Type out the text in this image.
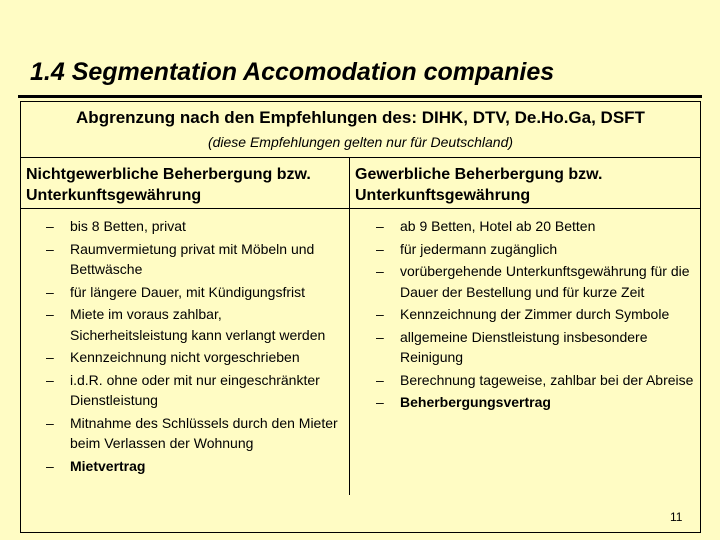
1.4 Segmentation Accomodation companies
Abgrenzung nach den Empfehlungen des: DIHK, DTV, De.Ho.Ga, DSFT
(diese Empfehlungen gelten nur für Deutschland)
Nichtgewerbliche Beherbergung bzw.
Unterkunftsgewährung
Gewerbliche Beherbergung bzw.
Unterkunftsgewährung
– bis 8 Betten, privat
– Raumvermietung privat mit Möbeln und Bettwäsche
– für längere Dauer, mit Kündigungsfrist
– Miete im voraus zahlbar, Sicherheitsleistung kann verlangt werden
– Kennzeichnung nicht vorgeschrieben
– i.d.R. ohne oder mit nur eingeschränkter Dienstleistung
– Mitnahme des Schlüssels durch den Mieter beim Verlassen der Wohnung
– Mietvertrag
– ab 9 Betten, Hotel ab 20 Betten
– für jedermann zugänglich
– vorübergehende Unterkunftsgewährung für die Dauer der Bestellung und für kurze Zeit
– Kennzeichnung der Zimmer durch Symbole
– allgemeine Dienstleistung insbesondere Reinigung
– Berechnung tageweise, zahlbar bei der Abreise
– Beherbergungsvertrag
11
